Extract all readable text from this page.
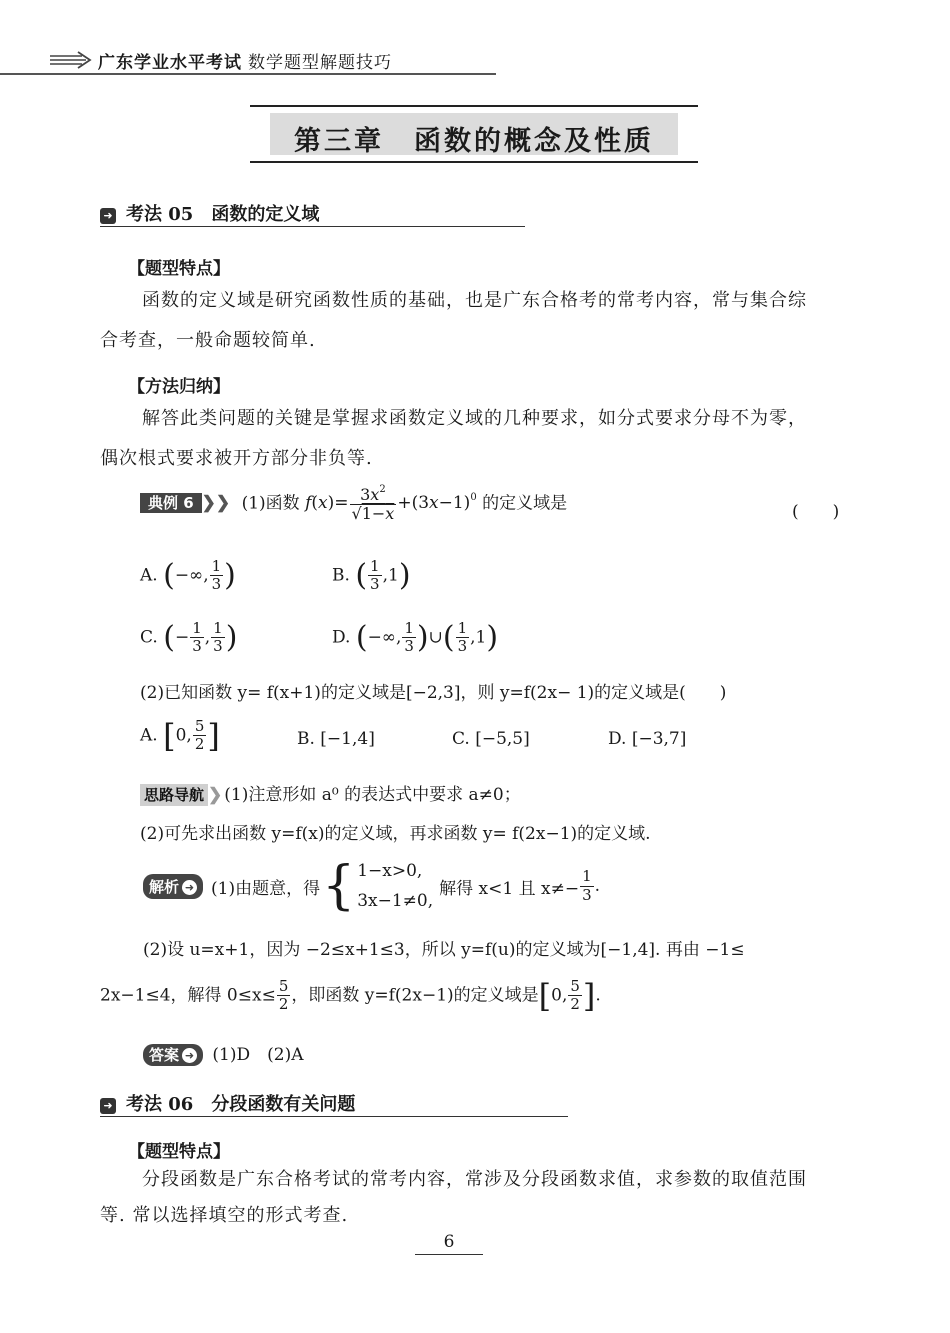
广东学业水平考试 数学题型解题技巧
第三章　函数的概念及性质
➜ 考法 05　函数的定义域
【题型特点】
函数的定义域是研究函数性质的基础，也是广东合格考的常考内容，常与集合综
合考查，一般命题较简单.
【方法归纳】
解答此类问题的关键是掌握求函数定义域的几种要求，如分式要求分母不为零，
偶次根式要求被开方部分非负等.
典例 6 ❯❯ (1)函数 $f(x)= \frac{3x^2}{√1-x} +(3x-1)^0$ 的定义域是	(　　)
A. (−∞, $\frac{1}{3}$ )	B. ( $\frac{1}{3} ,1$)
C. (− $\frac{1}{3}$ , $\frac{1}{3}$ )	D. (−∞, $\frac{1}{3}$ )∪( $\frac{1}{3} ,1$)
(2)已知函数 y= f(x+1)的定义域是[−2,3]，则 y=f(2x− 1)的定义域是(　　)
A. [0, $\frac{5}{2}$ ]	B. [−1,4]	C. [−5,5]	D. [−3,7]
思路导航 ❯ (1)注意形如 a⁰ 的表达式中要求 a≠0；
(2)可先求出函数 y=f(x)的定义域，再求函数 y= f(2x−1)的定义域.
解析 ➜ (1)由题意，得 { 1−x>0,
3x−1≠0,
解得 x<1 且 $x\ne- \frac{1}{3}$ .
(2)设 u=x+1，因为 −2≤x+1≤3，所以 y=f(u)的定义域为[−1,4]. 再由 −1≤
2x−1≤4，解得 $0\le x\le \frac{5}{2}$ ，即函数 y=f(2x−1)的定义域是[0, $\frac{5}{2}$ ].
答案 ➜ (1)D　(2)A
➜ 考法 06　分段函数有关问题
【题型特点】
分段函数是广东合格考试的常考内容，常涉及分段函数求值，求参数的取值范围
等. 常以选择填空的形式考查.
6
